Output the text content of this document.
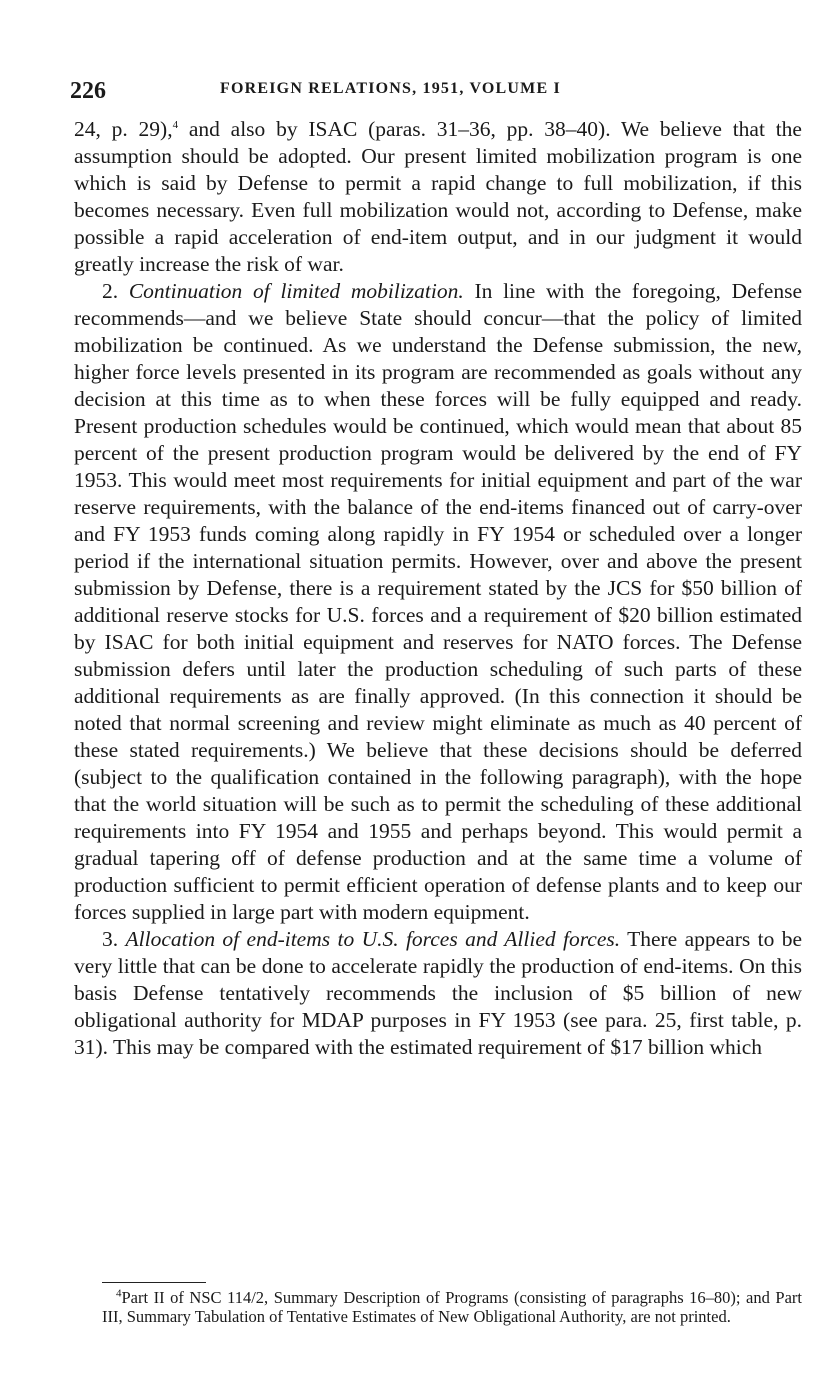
226	FOREIGN RELATIONS, 1951, VOLUME I

24, p. 29),$^4$ and also by ISAC (paras. 31–36, pp. 38–40). We believe that the assumption should be adopted. Our present limited mobilization program is one which is said by Defense to permit a rapid change to full mobilization, if this becomes necessary. Even full mobilization would not, according to Defense, make possible a rapid acceleration of end-item output, and in our judgment it would greatly increase the risk of war.

2. Continuation of limited mobilization. In line with the foregoing, Defense recommends—and we believe State should concur—that the policy of limited mobilization be continued. As we understand the Defense submission, the new, higher force levels presented in its program are recommended as goals without any decision at this time as to when these forces will be fully equipped and ready. Present production schedules would be continued, which would mean that about 85 percent of the present production program would be delivered by the end of FY 1953. This would meet most requirements for initial equipment and part of the war reserve requirements, with the balance of the end-items financed out of carry-over and FY 1953 funds coming along rapidly in FY 1954 or scheduled over a longer period if the international situation permits. However, over and above the present submission by Defense, there is a requirement stated by the JCS for $50 billion of additional reserve stocks for U.S. forces and a requirement of $20 billion estimated by ISAC for both initial equipment and reserves for NATO forces. The Defense submission defers until later the production scheduling of such parts of these additional requirements as are finally approved. (In this connection it should be noted that normal screening and review might eliminate as much as 40 percent of these stated requirements.) We believe that these decisions should be deferred (subject to the qualification contained in the following paragraph), with the hope that the world situation will be such as to permit the scheduling of these additional requirements into FY 1954 and 1955 and perhaps beyond. This would permit a gradual tapering off of defense production and at the same time a volume of production sufficient to permit efficient operation of defense plants and to keep our forces supplied in large part with modern equipment.

3. Allocation of end-items to U.S. forces and Allied forces. There appears to be very little that can be done to accelerate rapidly the production of end-items. On this basis Defense tentatively recommends the inclusion of $5 billion of new obligational authority for MDAP purposes in FY 1953 (see para. 25, first table, p. 31). This may be compared with the estimated requirement of $17 billion which

$^4$Part II of NSC 114/2, Summary Description of Programs (consisting of paragraphs 16–80); and Part III, Summary Tabulation of Tentative Estimates of New Obligational Authority, are not printed.
